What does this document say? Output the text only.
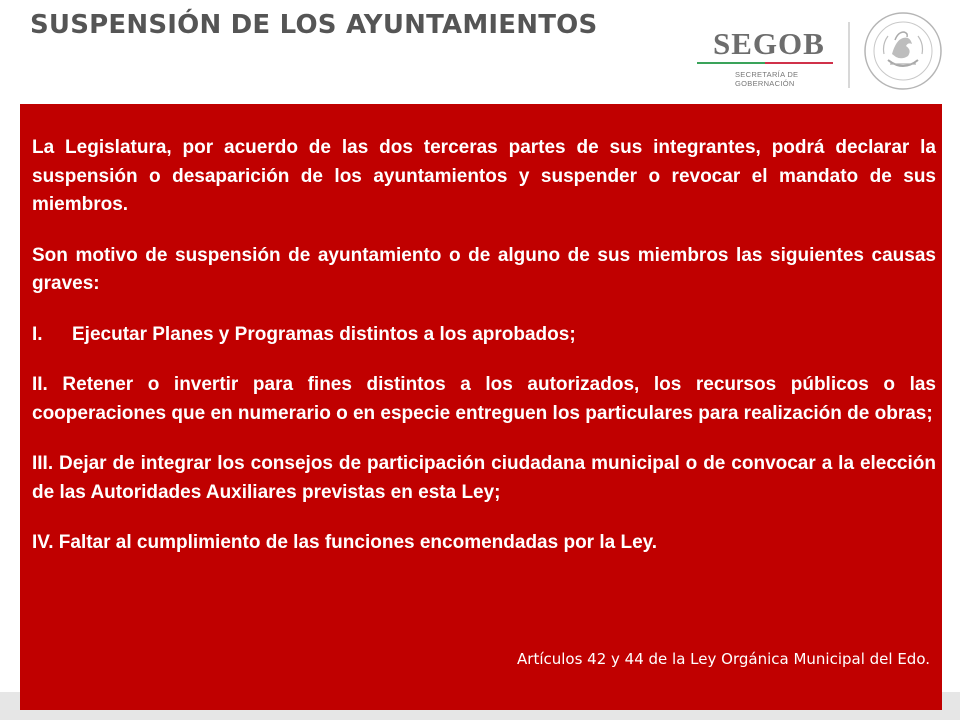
SUSPENSIÓN DE LOS AYUNTAMIENTOS
SEGOB
SECRETARÍA DE
GOBERNACIÓN

La Legislatura, por acuerdo de las dos terceras partes de sus integrantes, podrá declarar la suspensión o desaparición de los ayuntamientos y suspender o revocar el mandato de sus miembros.

Son motivo de suspensión de ayuntamiento o de alguno de sus miembros las siguientes causas graves:

I.	Ejecutar Planes y Programas distintos a los aprobados;

II. Retener o invertir para fines distintos a los autorizados, los recursos públicos o las cooperaciones que en numerario o en especie entreguen los particulares para realización de obras;

III. Dejar de integrar los consejos de participación ciudadana municipal o de convocar a la elección de las Autoridades Auxiliares previstas en esta Ley;

IV. Faltar al cumplimiento de las funciones encomendadas por la Ley.

Artículos 42 y 44 de la Ley Orgánica Municipal del Edo.
